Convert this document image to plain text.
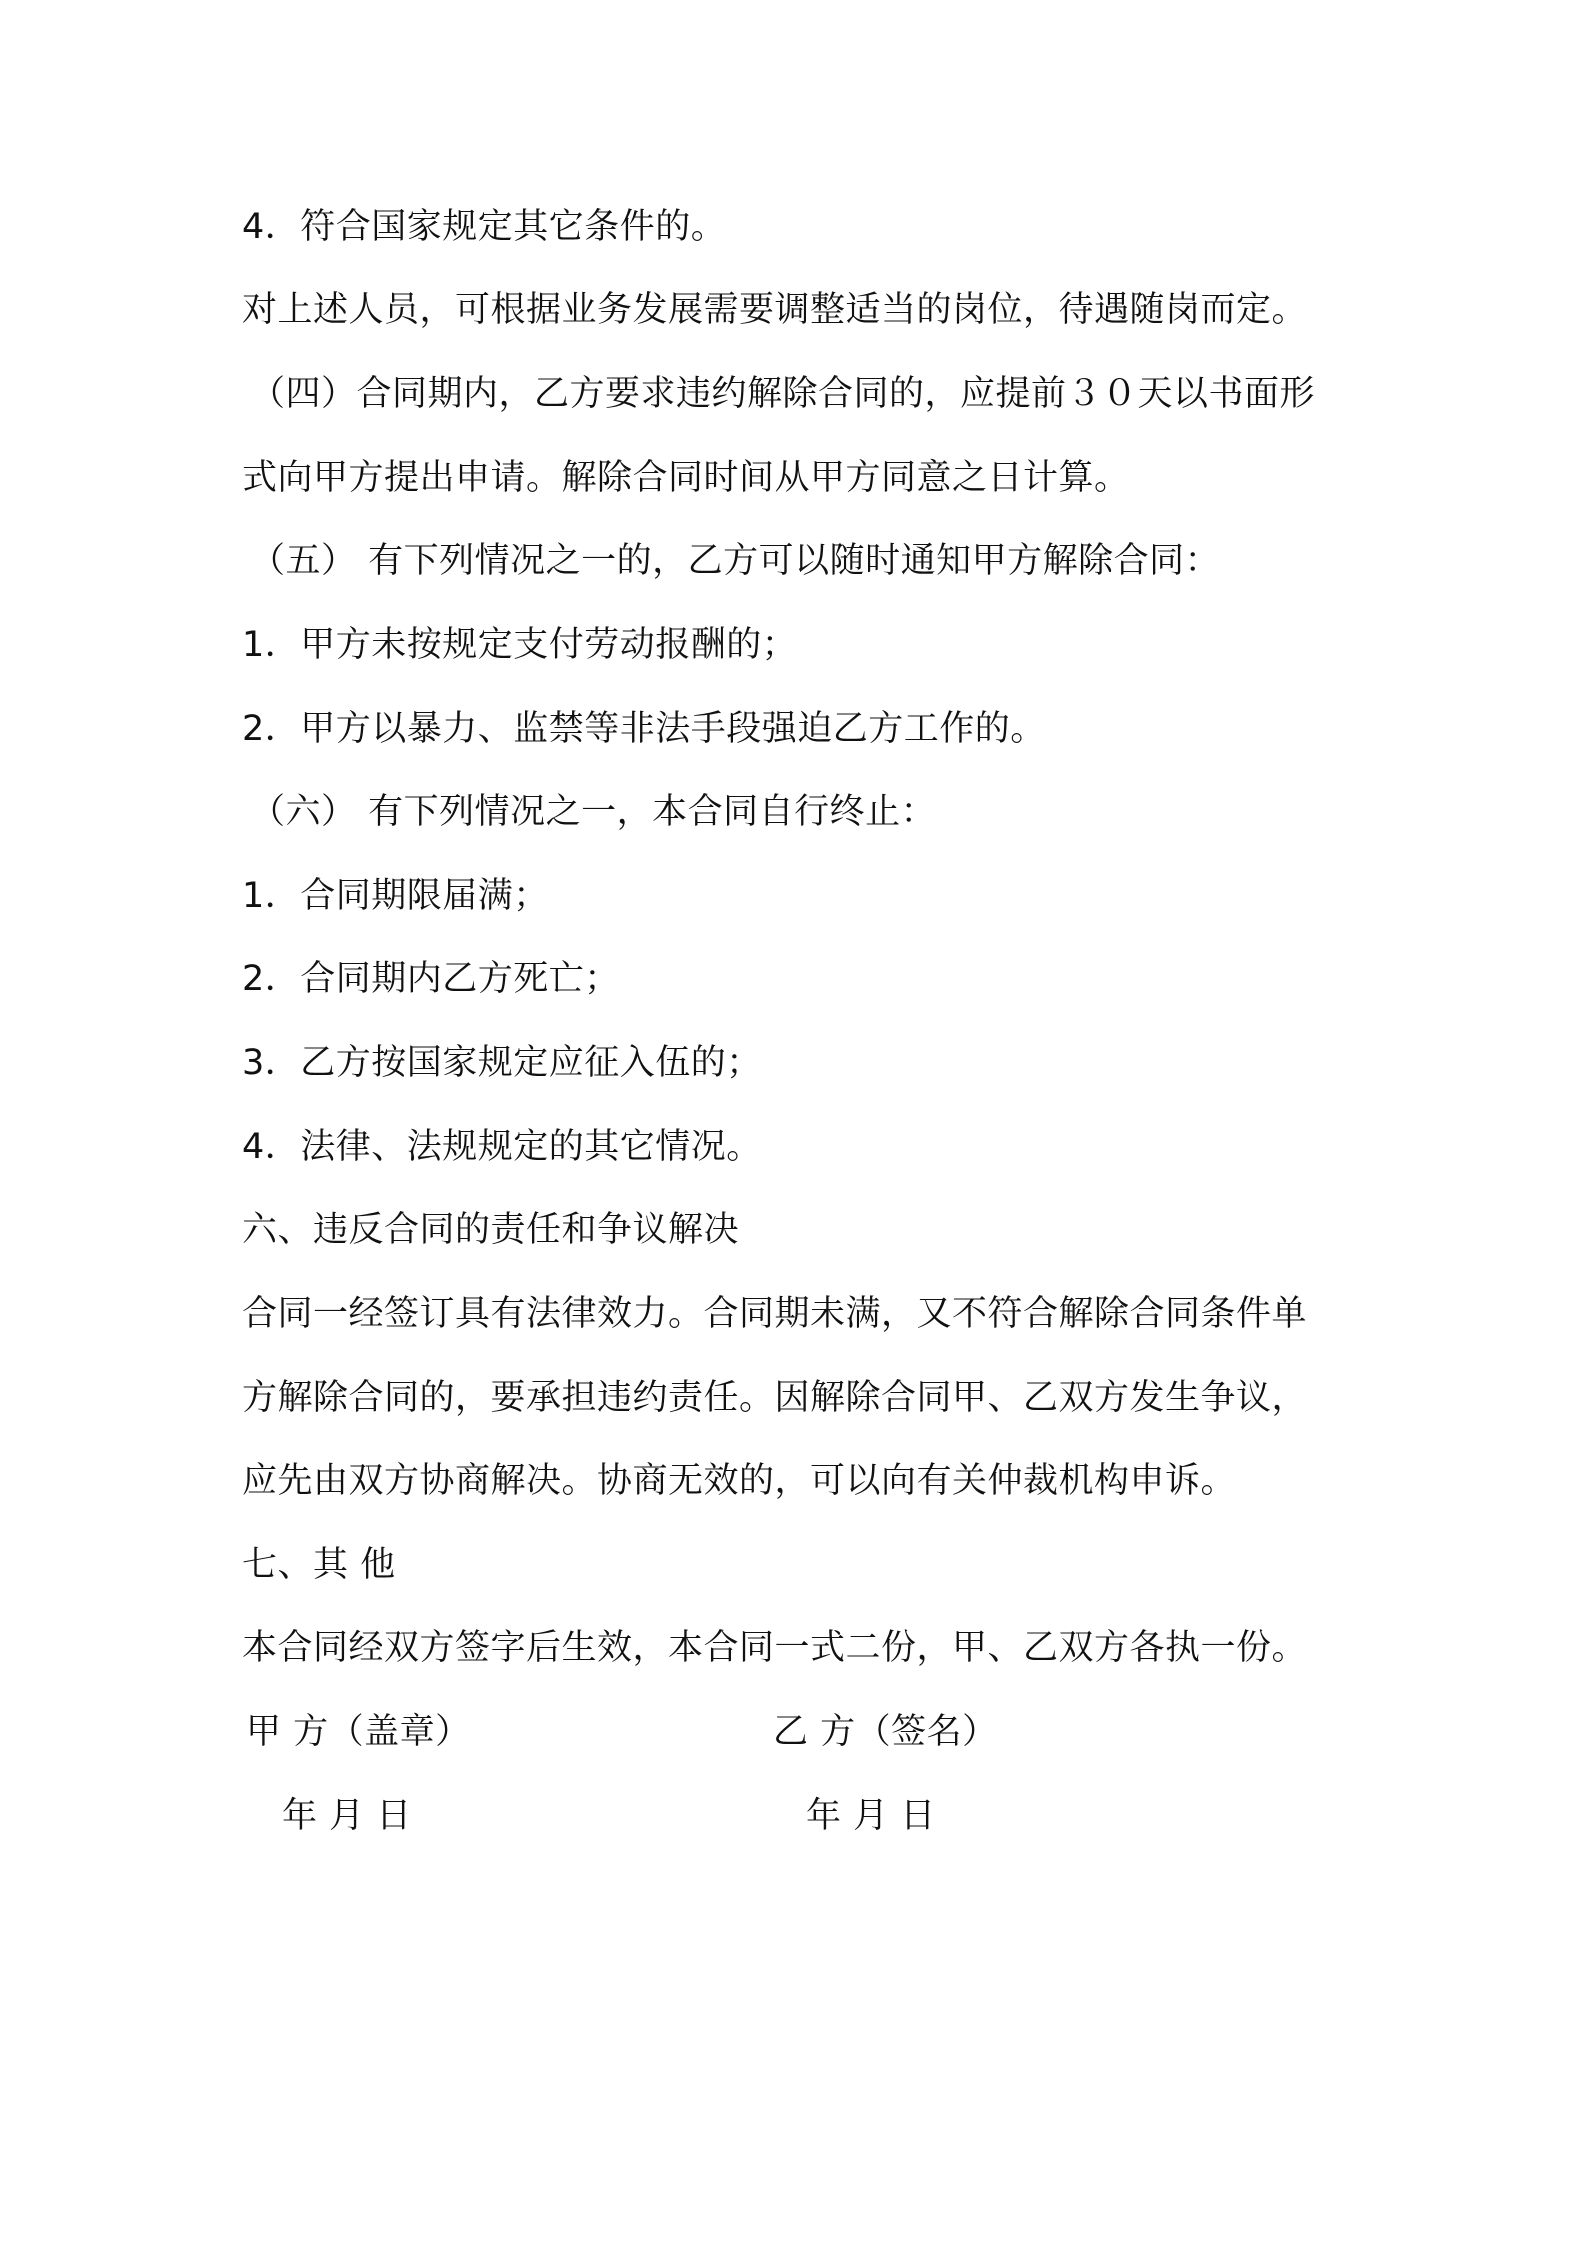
4．符合国家规定其它条件的。
对上述人员，可根据业务发展需要调整适当的岗位，待遇随岗而定。
（四）合同期内，乙方要求违约解除合同的，应提前３０天以书面形
式向甲方提出申请。解除合同时间从甲方同意之日计算。
（五） 有下列情况之一的，乙方可以随时通知甲方解除合同：
1．甲方未按规定支付劳动报酬的；
2．甲方以暴力、监禁等非法手段强迫乙方工作的。
（六） 有下列情况之一，本合同自行终止：
1．合同期限届满；
2．合同期内乙方死亡；
3．乙方按国家规定应征入伍的；
4．法律、法规规定的其它情况。
六、违反合同的责任和争议解决
合同一经签订具有法律效力。合同期未满，又不符合解除合同条件单
方解除合同的，要承担违约责任。因解除合同甲、乙双方发生争议，
应先由双方协商解决。协商无效的，可以向有关仲裁机构申诉。
七、其 他
本合同经双方签字后生效，本合同一式二份，甲、乙双方各执一份。
甲 方（盖章）	乙 方（签名）
年 月 日	年 月 日
